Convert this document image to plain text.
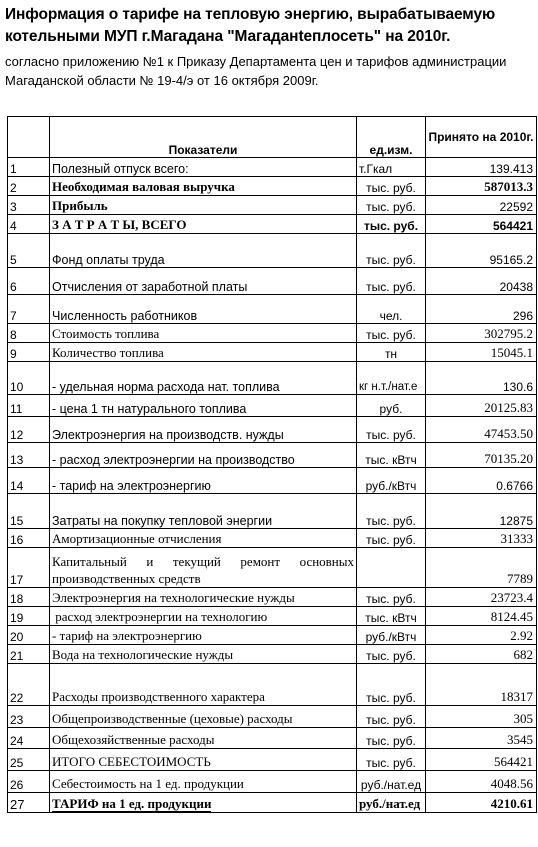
Информация о тарифе на тепловую энергию, вырабатываемую котельными МУП г.Магадана "Магаданteплосеть" на 2010г.
согласно приложению №1 к Приказу Департамента цен и тарифов администрации Магаданской области № 19-4/э от 16 октября 2009г.
	Показатели	ед.изм.	Принято на 2010г.
1	Полезный отпуск всего:	т.Гкал	139.413
2	Необходимая валовая выручка	тыс. руб.	587013.3
3	Прибыль	тыс. руб.	22592
4	З А Т Р А Т Ы, ВСЕГО	тыс. руб.	564421
5	Фонд оплаты труда	тыс. руб.	95165.2
6	Отчисления от заработной платы	тыс. руб.	20438
7	Численность работников	чел.	296
8	Стоимость топлива	тыс. руб.	302795.2
9	Количество топлива	тн	15045.1
10	- удельная норма расхода нат. топлива	кг н.т./нат.е	130.6
11	- цена 1 тн натурального топлива	руб.	20125.83
12	Электроэнергия на производств. нужды	тыс. руб.	47453.50
13	- расход электроэнергии на производство	тыс. кВтч	70135.20
14	- тариф на электроэнергию	руб./кВтч	0.6766
15	Затраты на покупку тепловой энергии	тыс. руб.	12875
16	Амортизационные отчисления	тыс. руб.	31333
17	Капитальный и текущий ремонт основных производственных средств		7789
18	Электроэнергия на технологические нужды	тыс. руб.	23723.4
19	расход электроэнергии на технологию	тыс. кВтч	8124.45
20	- тариф на электроэнергию	руб./кВтч	2.92
21	Вода на технологические нужды	тыс. руб.	682
22	Расходы производственного характера	тыс. руб.	18317
23	Общепроизводственные (цеховые) расходы	тыс. руб.	305
24	Общехозяйственные расходы	тыс. руб.	3545
25	ИТОГО СЕБЕСТОИМОСТЬ	тыс. руб.	564421
26	Себестоимость на 1 ед. продукции	руб./нат.ед	4048.56
27	ТАРИФ на 1 ед. продукции	руб./нат.ед	4210.61
